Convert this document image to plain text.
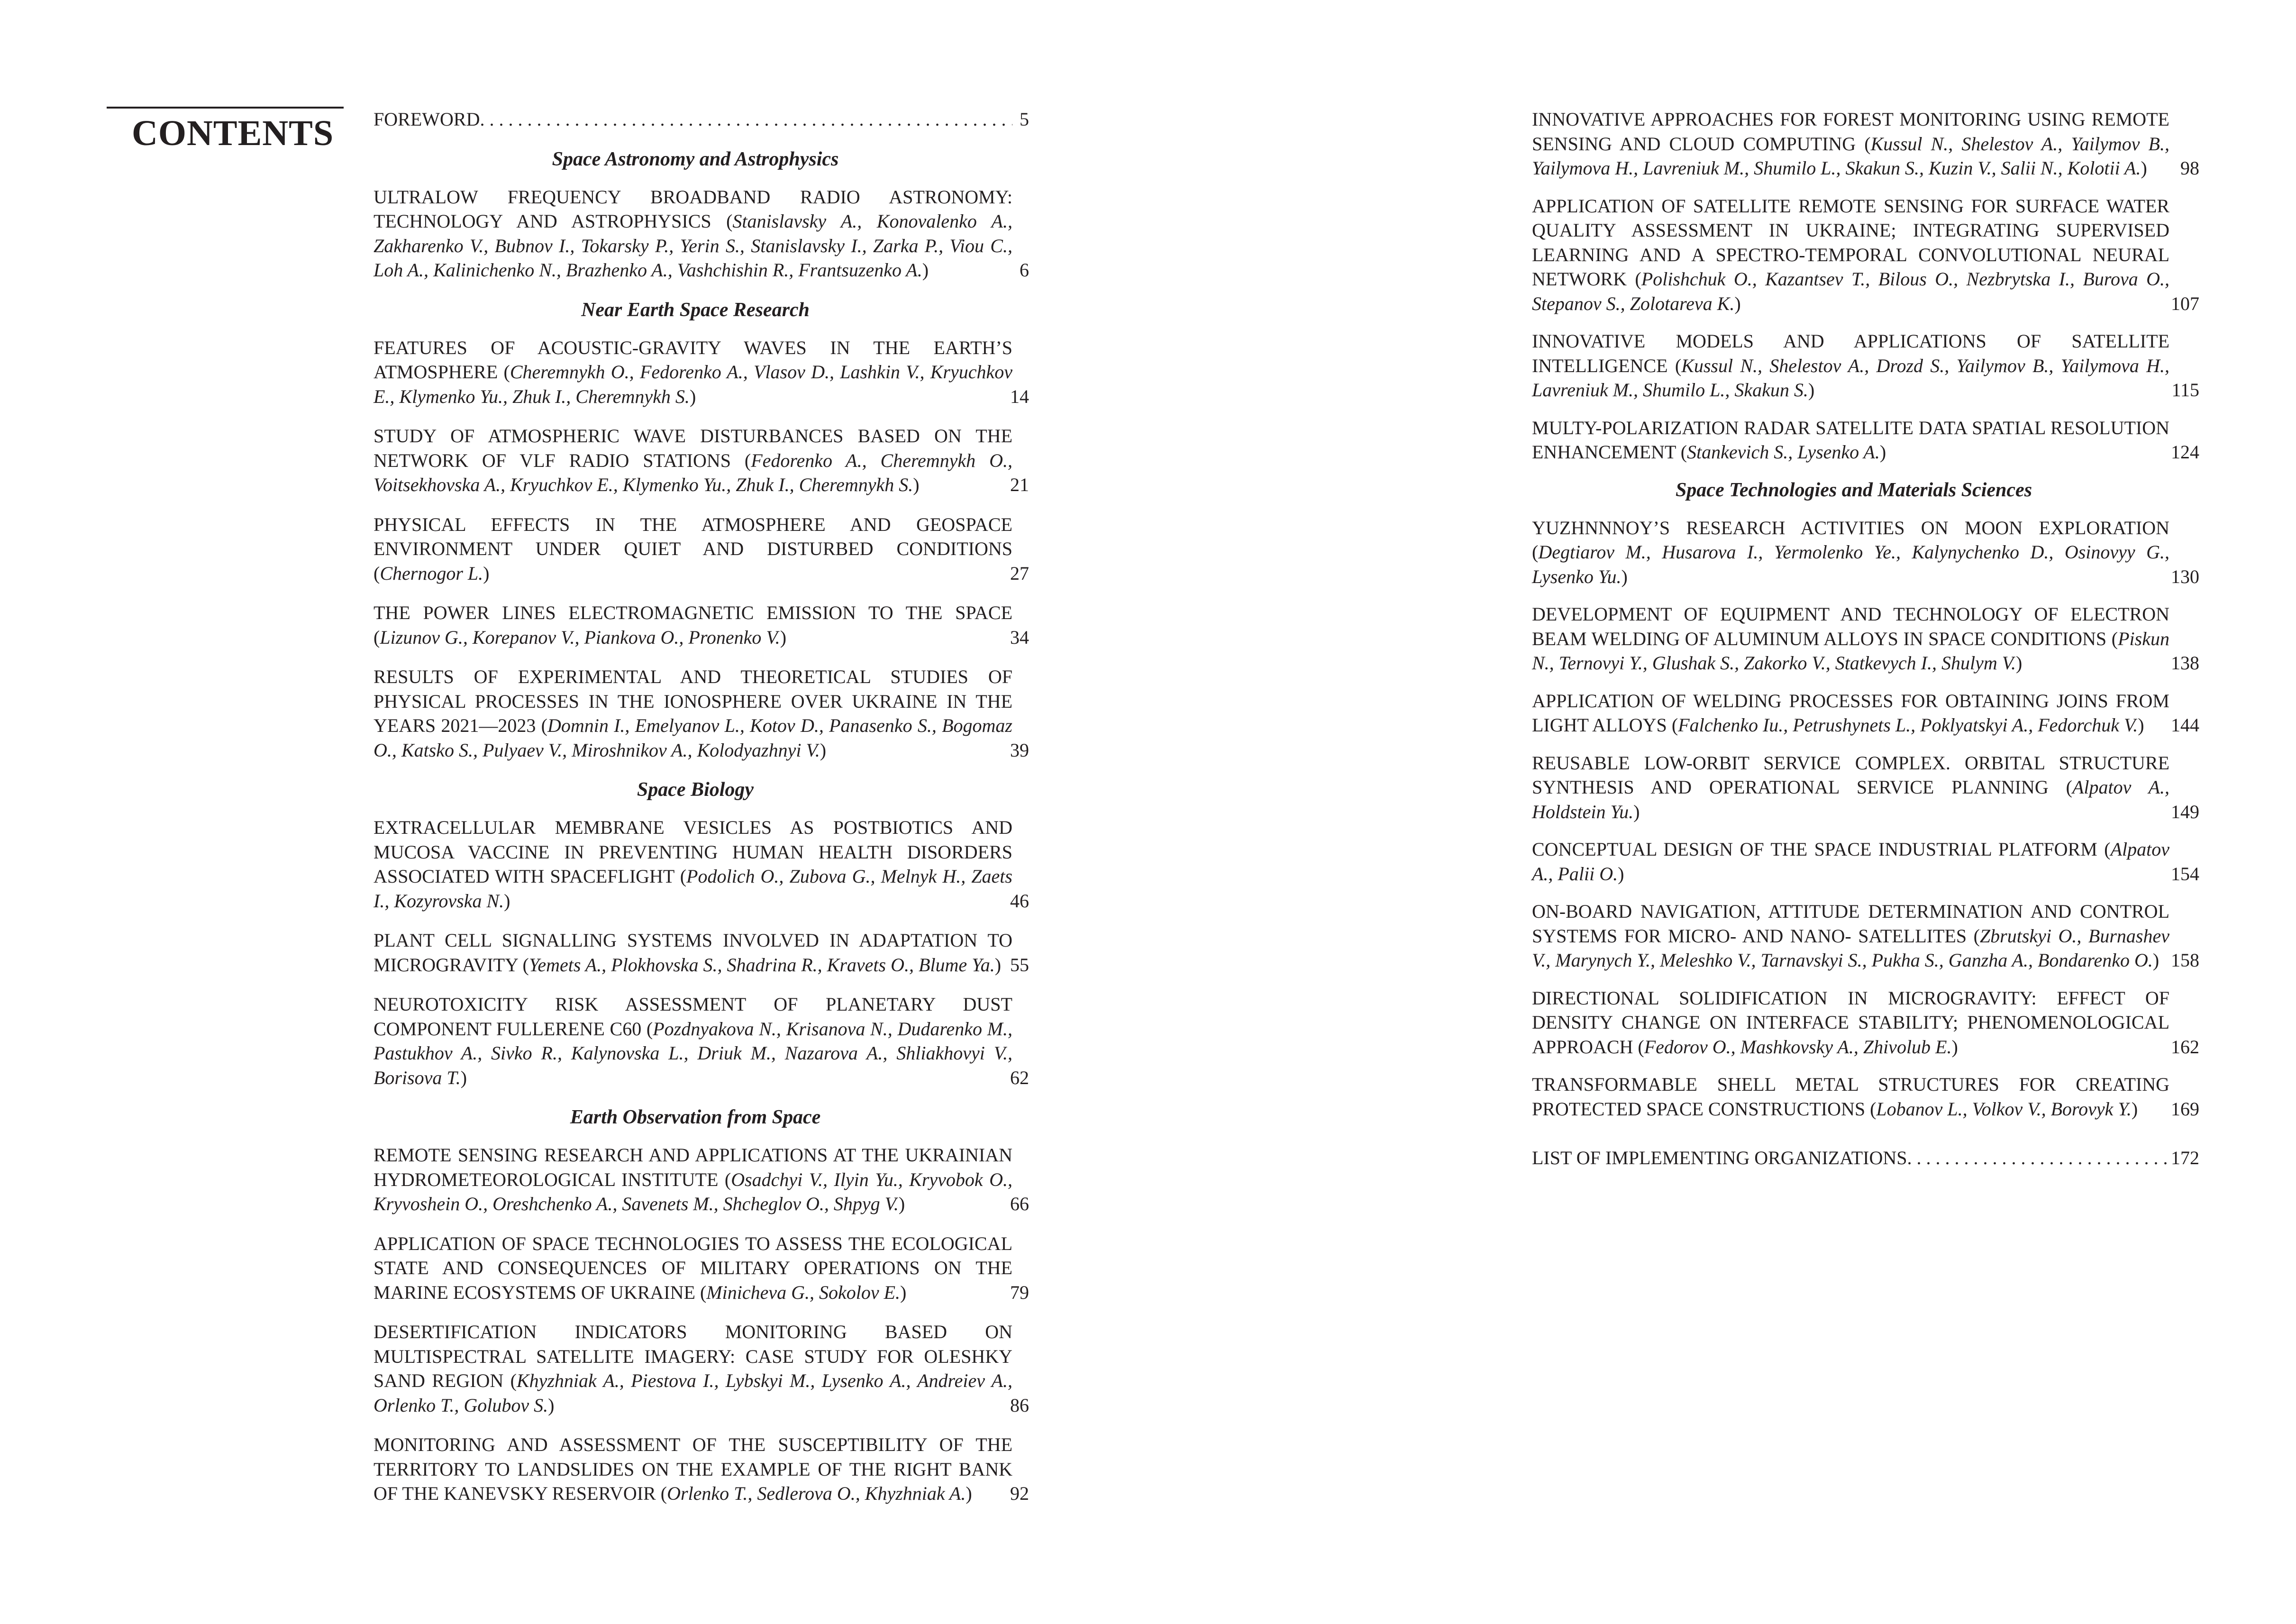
CONTENTS FOREWORD . . .	5
Space Astronomy and Astrophysics
ULTRALOW FREQUENCY BROADBAND RADIO ASTRONOMY: TECHNOLOGY AND ASTROPHYSICS (Stanislavsky A., Konovalenko A., Zakharenko V., Bubnov I., Tokarsky P., Yerin S., Stanislavsky I., Zarka P., Viou C., Loh A., Kalinichenko N., Brazhenko A., Vashchishin R., Frantsuzenko A.)	6
Near Earth Space Research
FEATURES OF ACOUSTIC-GRAVITY WAVES IN THE EARTH’S ATMOSPHERE (Cheremnykh O., Fedorenko A., Vlasov D., Lashkin V., Kryuchkov E., Klymenko Yu., Zhuk I., Cheremnykh S.)	14
STUDY OF ATMOSPHERIC WAVE DISTURBANCES BASED ON THE NETWORK OF VLF RADIO STATIONS (Fedorenko A., Cheremnykh O., Voitsekhovska A., Kryuchkov E., Klymenko Yu., Zhuk I., Cheremnykh S.)	21
PHYSICAL EFFECTS IN THE ATMOSPHERE AND GEOSPACE ENVIRONMENT UNDER QUIET AND DISTURBED CONDITIONS (Chernogor L.)	27
THE POWER LINES ELECTROMAGNETIC EMISSION TO THE SPACE (Lizunov G., Korepanov V., Piankova O., Pronenko V.)	34
RESULTS OF EXPERIMENTAL AND THEORETICAL STUDIES OF PHYSICAL PROCESSES IN THE IONOSPHERE OVER UKRAINE IN THE YEARS 2021—2023 (Domnin I., Emelyanov L., Kotov D., Panasenko S., Bogomaz O., Katsko S., Pulyaev V., Miroshnikov A., Kolodyazhnyi V.)	39
Space Biology
EXTRACELLULAR MEMBRANE VESICLES AS POSTBIOTICS AND MUCOSA VACCINE IN PREVENTING HUMAN HEALTH DISORDERS ASSOCIATED WITH SPACEFLIGHT (Podolich O., Zubova G., Melnyk H., Zaets I., Kozyrovska N.)	46
PLANT CELL SIGNALLING SYSTEMS INVOLVED IN ADAPTATION TO MICROGRAVITY (Yemets A., Plokhovska S., Shadrina R., Kravets O., Blume Ya.) 55
NEUROTOXICITY RISK ASSESSMENT OF PLANETARY DUST COMPONENT FULLERENE C60 (Pozdnyakova N., Krisanova N., Dudarenko M., Pastukhov A., Sivko R., Kalynovska L., Driuk M., Nazarova A., Shliakhovyi V., Borisova T.)	62
Earth Observation from Space
REMOTE SENSING RESEARCH AND APPLICATIONS AT THE UKRAINIAN HYDROMETEOROLOGICAL INSTITUTE (Osadchyi V., Ilyin Yu., Kryvobok O., Kryvoshein O., Oreshchenko A., Savenets M., Shcheglov O., Shpyg V.)	66
APPLICATION OF SPACE TECHNOLOGIES TO ASSESS THE ECOLOGICAL STATE AND CONSEQUENCES OF MILITARY OPERATIONS ON THE MARINE ECOSYSTEMS OF UKRAINE (Minicheva G., Sokolov E.)	79
DESERTIFICATION INDICATORS MONITORING BASED ON MULTISPECTRAL SATELLITE IMAGERY: CASE STUDY FOR OLESHKY SAND REGION (Khyzhniak A., Piestova I., Lybskyi M., Lysenko A., Andreiev A., Orlenko T., Golubov S.)	86
MONITORING AND ASSESSMENT OF THE SUSCEPTIBILITY OF THE TERRITORY TO LANDSLIDES ON THE EXAMPLE OF THE RIGHT BANK OF THE KANEVSKY RESERVOIR (Orlenko T., Sedlerova O., Khyzhniak A.)	92
INNOVATIVE APPROACHES FOR FOREST MONITORING USING REMOTE SENSING AND CLOUD COMPUTING (Kussul N., Shelestov A., Yailymov B., Yailymova H., Lavreniuk M., Shumilo L., Skakun S., Kuzin V., Salii N., Kolotii A.)	98
APPLICATION OF SATELLITE REMOTE SENSING FOR SURFACE WATER QUALITY ASSESSMENT IN UKRAINE; INTEGRATING SUPERVISED LEARNING AND A SPECTRO-TEMPORAL CONVOLUTIONAL NEURAL NETWORK (Polishchuk O., Kazantsev T., Bilous O., Nezbrytska I., Burova O., Stepanov S., Zolotareva K.)	107
INNOVATIVE MODELS AND APPLICATIONS OF SATELLITE INTELLIGENCE (Kussul N., Shelestov A., Drozd S., Yailymov B., Yailymova H., Lavreniuk M., Shumilo L., Skakun S.)	115
MULTY-POLARIZATION RADAR SATELLITE DATA SPATIAL RESOLUTION ENHANCEMENT (Stankevich S., Lysenko A.)	124
Space Technologies and Materials Sciences
YUZHNNNOY’S RESEARCH ACTIVITIES ON MOON EXPLORATION (Degtiarov M., Husarova I., Yermolenko Ye., Kalynychenko D., Osinovyy G., Lysenko Yu.)	130
DEVELOPMENT OF EQUIPMENT AND TECHNOLOGY OF ELECTRON BEAM WELDING OF ALUMINUM ALLOYS IN SPACE CONDITIONS (Piskun N., Ternovyi Y., Glushak S., Zakorko V., Statkevych I., Shulym V.)	138
APPLICATION OF WELDING PROCESSES FOR OBTAINING JOINS FROM LIGHT ALLOYS (Falchenko Iu., Petrushynets L., Poklyatskyi A., Fedorchuk V.)	144
REUSABLE LOW-ORBIT SERVICE COMPLEX. ORBITAL STRUCTURE SYNTHESIS AND OPERATIONAL SERVICE PLANNING (Alpatov A., Holdstein Yu.)	149
CONCEPTUAL DESIGN OF THE SPACE INDUSTRIAL PLATFORM (Alpatov A., Palii O.)	154
ON-BOARD NAVIGATION, ATTITUDE DETERMINATION AND CONTROL SYSTEMS FOR MICRO- AND NANO- SATELLITES (Zbrutskyi O., Burnashev V., Marynych Y., Meleshko V., Tarnavskyi S., Pukha S., Ganzha A., Bondarenko O.) 158
DIRECTIONAL SOLIDIFICATION IN MICROGRAVITY: EFFECT OF DENSITY CHANGE ON INTERFACE STABILITY; PHENOMENOLOGICAL APPROACH (Fedorov O., Mashkovsky A., Zhivolub E.)	162
TRANSFORMABLE SHELL METAL STRUCTURES FOR CREATING PROTECTED SPACE CONSTRUCTIONS (Lobanov L., Volkov V., Borovyk Y.)	169
LIST OF IMPLEMENTING ORGANIZATIONS . . .	172
